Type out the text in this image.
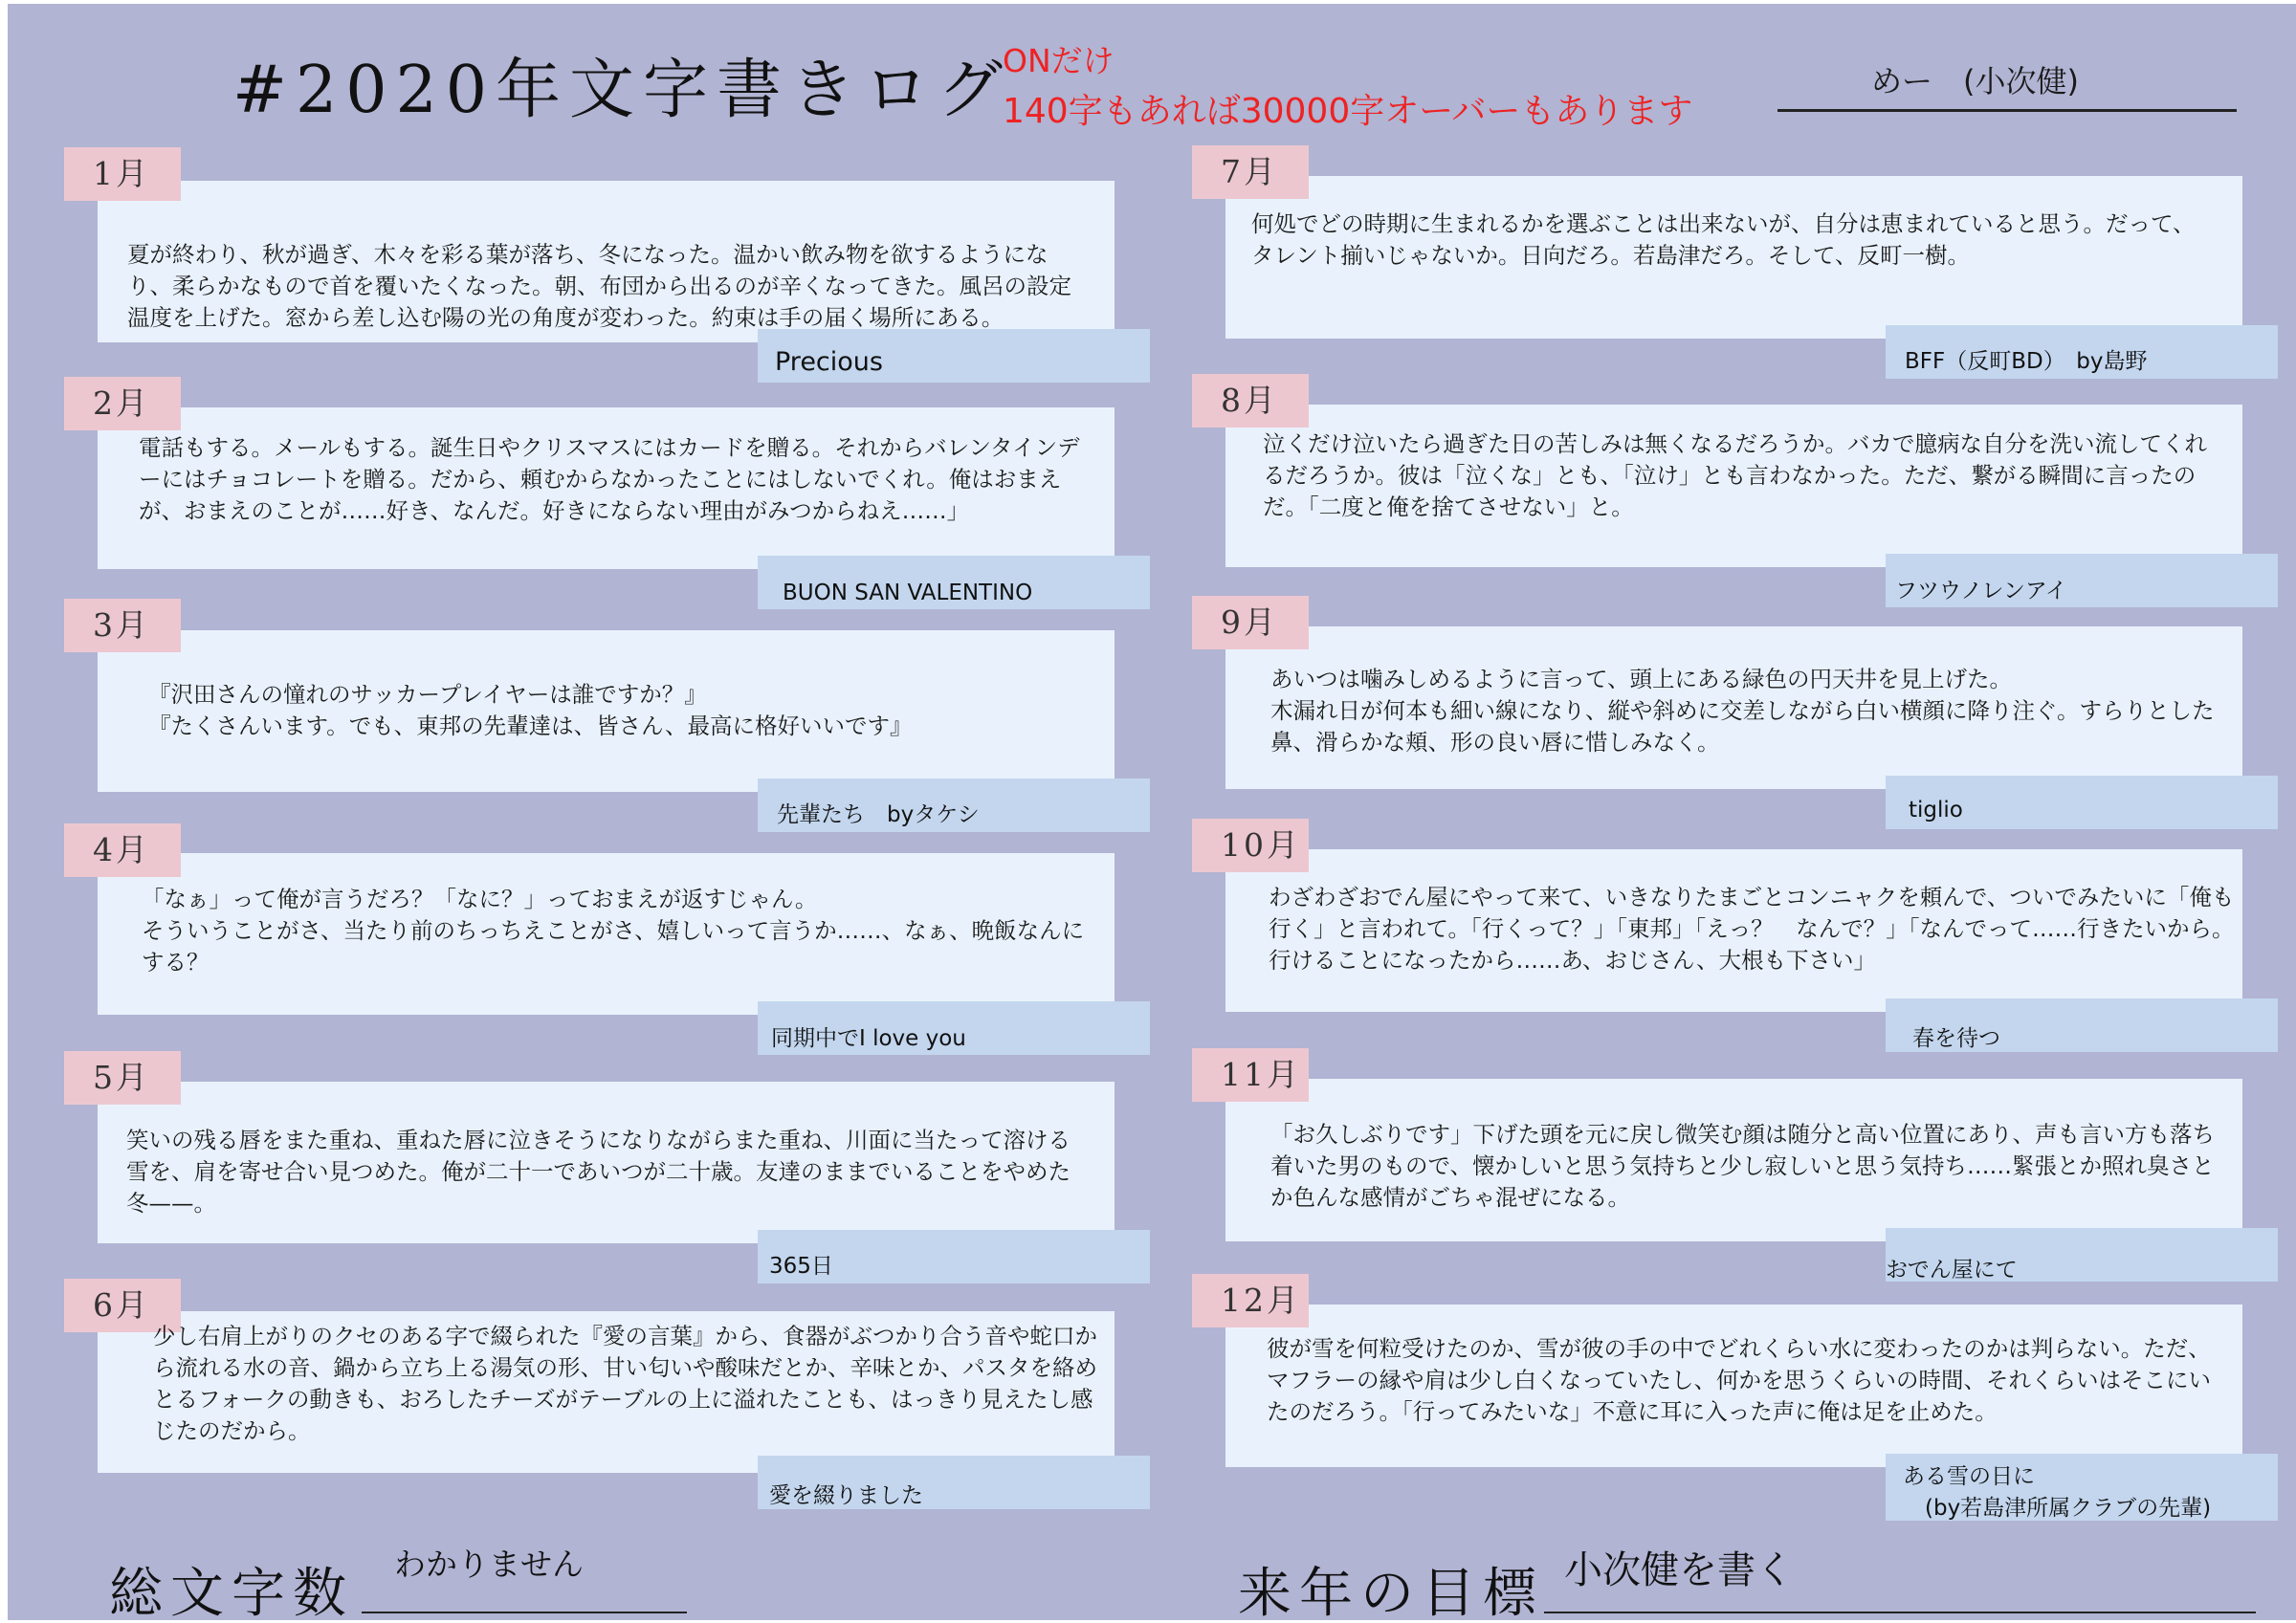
#2020年文字書きログ
ONだけ
140字もあれば30000字オーバーもあります
めー　(小次健)
Precious
1月
夏が終わり、秋が過ぎ、木々を彩る葉が落ち、冬になった。温かい飲み物を欲するようになり、柔らかなもので首を覆いたくなった。朝、布団から出るのが辛くなってきた。風呂の設定温度を上げた。窓から差し込む陽の光の角度が変わった。約束は手の届く場所にある。
BUON SAN VALENTINO
2月
電話もする。メールもする。誕生日やクリスマスにはカードを贈る。それからバレンタインデーにはチョコレートを贈る。だから、頼むからなかったことにはしないでくれ。俺はおまえが、おまえのことが……好き、なんだ。好きにならない理由がみつからねえ……」
先輩たち　byタケシ
3月
『沢田さんの憧れのサッカープレイヤーは誰ですか？』
『たくさんいます。でも、東邦の先輩達は、皆さん、最高に格好いいです』
同期中でI love you
4月
「なぁ」って俺が言うだろ？「なに？」っておまえが返すじゃん。
そういうことがさ、当たり前のちっちえことがさ、嬉しいって言うか……、なぁ、晩飯なんにする？
365日
5月
笑いの残る唇をまた重ね、重ねた唇に泣きそうになりながらまた重ね、川面に当たって溶ける雪を、肩を寄せ合い見つめた。俺が二十一であいつが二十歳。友達のままでいることをやめた冬——。
愛を綴りました
6月
少し右肩上がりのクセのある字で綴られた『愛の言葉』から、食器がぶつかり合う音や蛇口から流れる水の音、鍋から立ち上る湯気の形、甘い匂いや酸味だとか、辛味とか、パスタを絡めとるフォークの動きも、おろしたチーズがテーブルの上に溢れたことも、はっきり見えたし感じたのだから。
BFF（反町BD）　by島野
7月
何処でどの時期に生まれるかを選ぶことは出来ないが、自分は恵まれていると思う。だって、タレント揃いじゃないか。日向だろ。若島津だろ。そして、反町一樹。
フツウノレンアイ
8月
泣くだけ泣いたら過ぎた日の苦しみは無くなるだろうか。バカで臆病な自分を洗い流してくれるだろうか。彼は「泣くな」とも、「泣け」とも言わなかった。ただ、繋がる瞬間に言ったのだ。「二度と俺を捨てさせない」と。
tiglio
9月
あいつは噛みしめるように言って、頭上にある緑色の円天井を見上げた。
木漏れ日が何本も細い線になり、縦や斜めに交差しながら白い横顔に降り注ぐ。すらりとした鼻、滑らかな頬、形の良い唇に惜しみなく。
春を待つ
10月
わざわざおでん屋にやって来て、いきなりたまごとコンニャクを頼んで、ついでみたいに「俺も行く」と言われて。「行くって？」「東邦」「えっ？　なんで？」「なんでって……行きたいから。行けることになったから……あ、おじさん、大根も下さい」
おでん屋にて
11月
「お久しぶりです」下げた頭を元に戻し微笑む顔は随分と高い位置にあり、声も言い方も落ち着いた男のもので、懐かしいと思う気持ちと少し寂しいと思う気持ち……緊張とか照れ臭さとか色んな感情がごちゃ混ぜになる。
ある雪の日に
　(by若島津所属クラブの先輩)
12月
彼が雪を何粒受けたのか、雪が彼の手の中でどれくらい水に変わったのかは判らない。ただ、マフラーの縁や肩は少し白くなっていたし、何かを思うくらいの時間、それくらいはそこにいたのだろう。「行ってみたいな」不意に耳に入った声に俺は足を止めた。
総文字数 わかりません	来年の目標 小次健を書く
